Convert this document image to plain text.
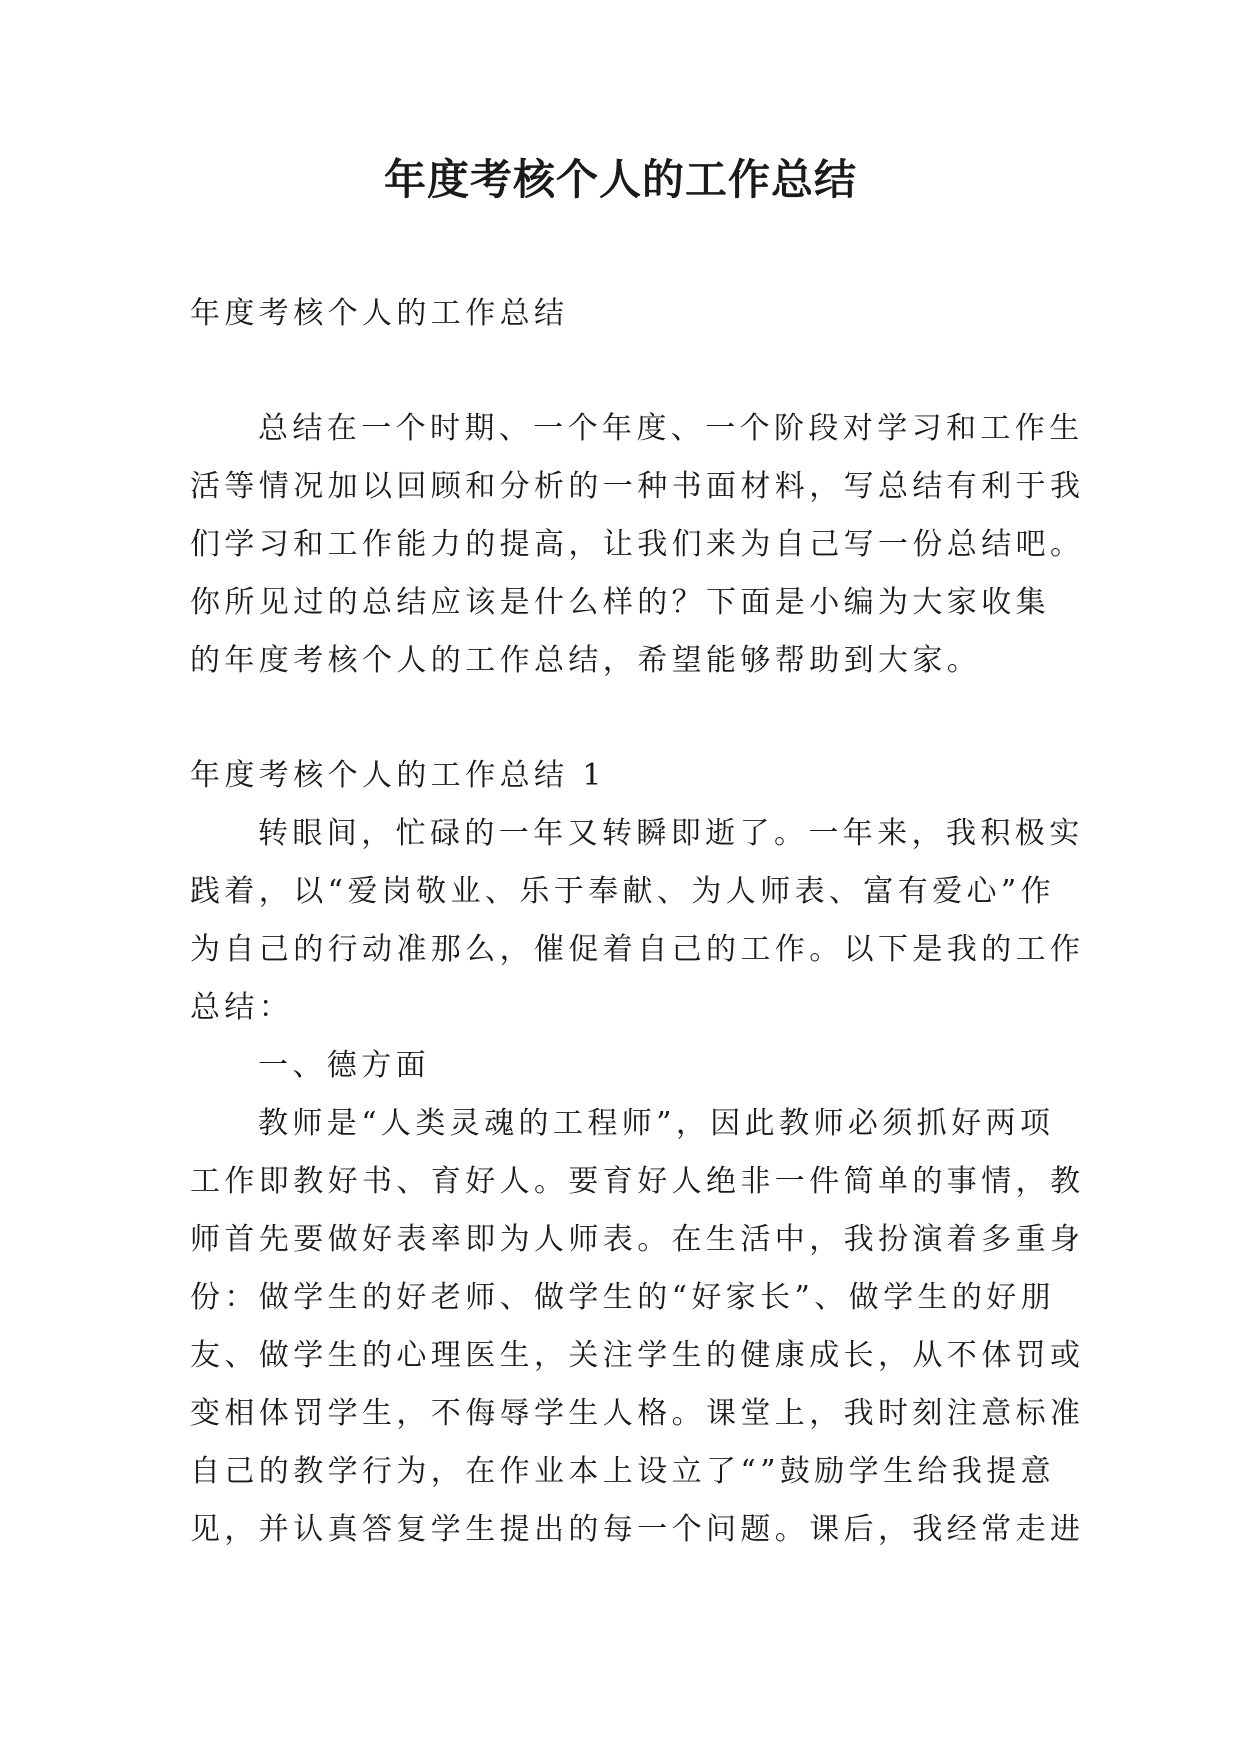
年度考核个人的工作总结

年度考核个人的工作总结

总结在一个时期、一个年度、一个阶段对学习和工作生

活等情况加以回顾和分析的一种书面材料，写总结有利于我

们学习和工作能力的提高，让我们来为自己写一份总结吧。

你所见过的总结应该是什么样的？下面是小编为大家收集

的年度考核个人的工作总结，希望能够帮助到大家。

年度考核个人的工作总结 1

转眼间，忙碌的一年又转瞬即逝了。一年来，我积极实

践着，以“爱岗敬业、乐于奉献、为人师表、富有爱心”作

为自己的行动准那么，催促着自己的工作。以下是我的工作

总结：

一、德方面

教师是“人类灵魂的工程师”，因此教师必须抓好两项

工作即教好书、育好人。要育好人绝非一件简单的事情，教

师首先要做好表率即为人师表。在生活中，我扮演着多重身

份：做学生的好老师、做学生的“好家长”、做学生的好朋

友、做学生的心理医生，关注学生的健康成长，从不体罚或

变相体罚学生，不侮辱学生人格。课堂上，我时刻注意标准

自己的教学行为，在作业本上设立了“”鼓励学生给我提意

见，并认真答复学生提出的每一个问题。课后，我经常走进
